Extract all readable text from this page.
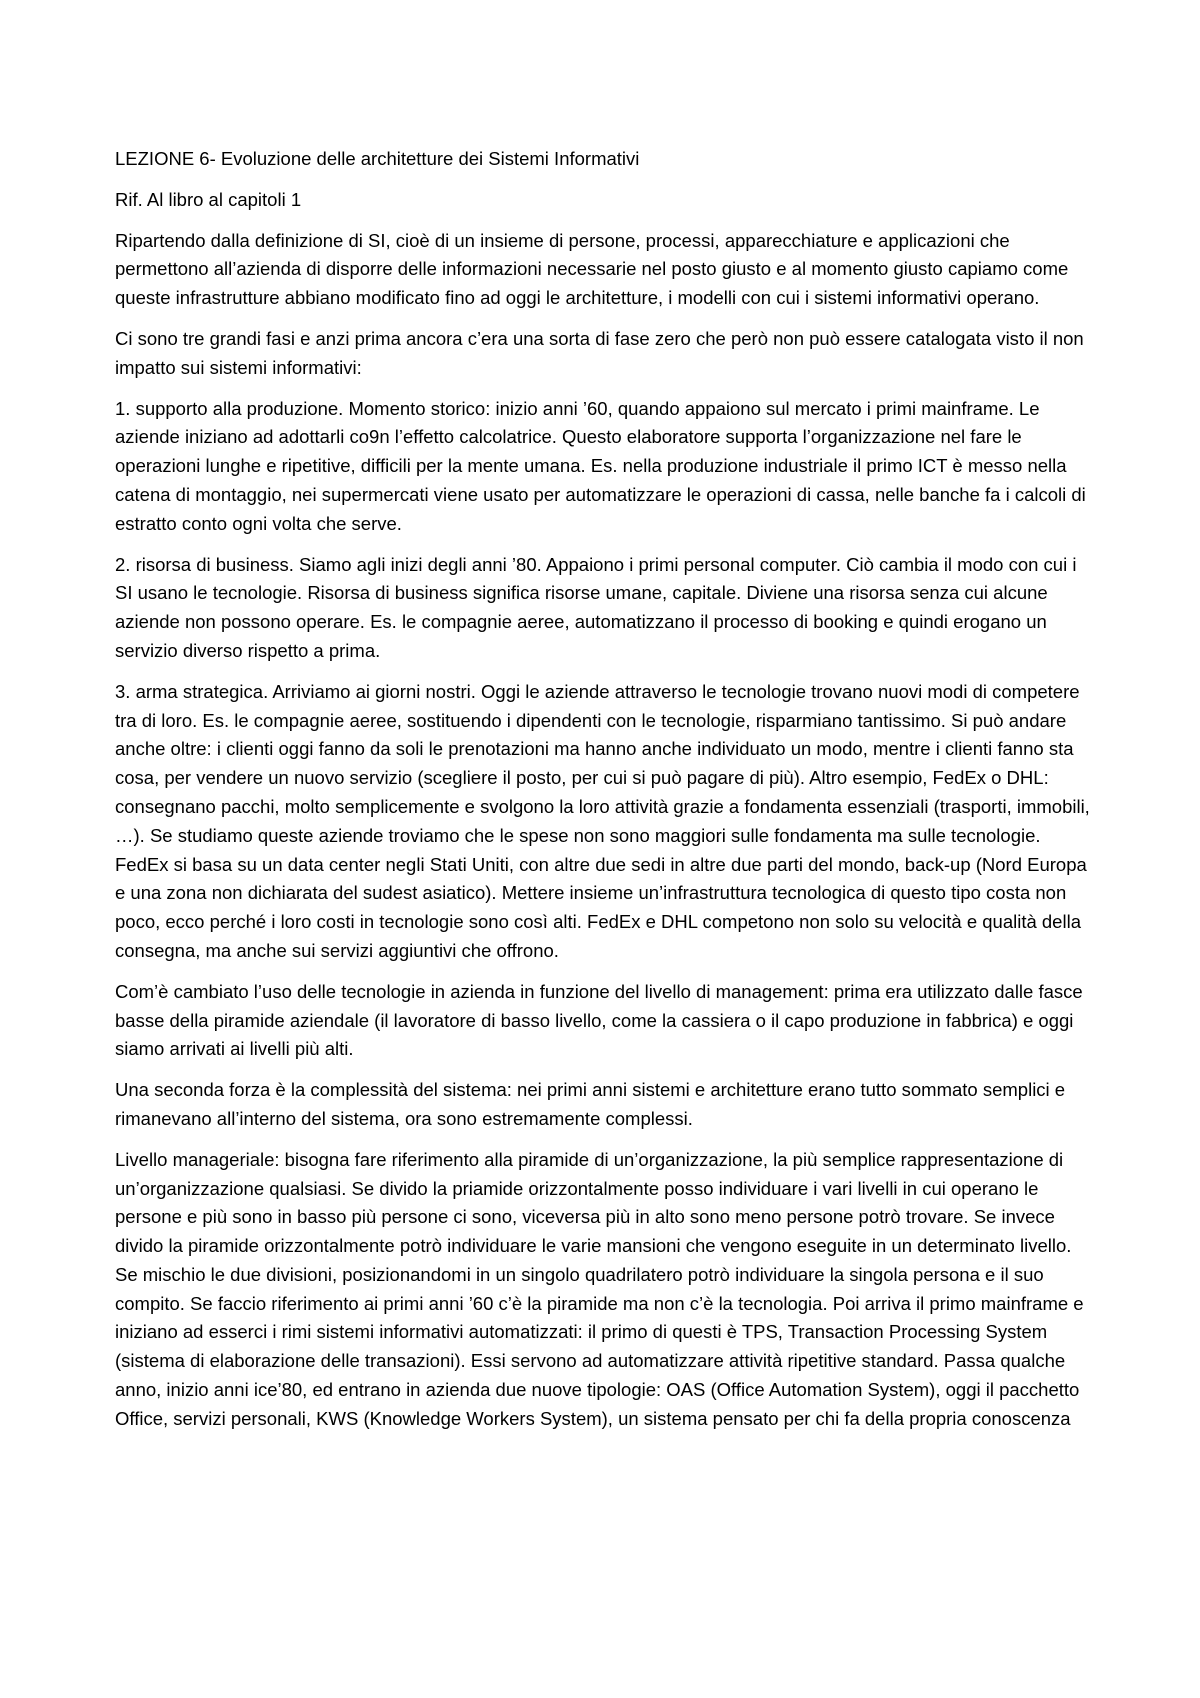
LEZIONE 6- Evoluzione delle architetture dei Sistemi Informativi

Rif. Al libro al capitoli 1

Ripartendo dalla definizione di SI, cioè di un insieme di persone, processi, apparecchiature e applicazioni che permettono all’azienda di disporre delle informazioni necessarie nel posto giusto e al momento giusto capiamo come queste infrastrutture abbiano modificato fino ad oggi le architetture, i modelli con cui i sistemi informativi operano.

Ci sono tre grandi fasi e anzi prima ancora c’era una sorta di fase zero che però non può essere catalogata visto il non impatto sui sistemi informativi:

1. supporto alla produzione. Momento storico: inizio anni ’60, quando appaiono sul mercato i primi mainframe. Le aziende iniziano ad adottarli co9n l’effetto calcolatrice. Questo elaboratore supporta l’organizzazione nel fare le operazioni lunghe e ripetitive, difficili per la mente umana. Es. nella produzione industriale il primo ICT è messo nella catena di montaggio, nei supermercati viene usato per automatizzare le operazioni di cassa, nelle banche fa i calcoli di estratto conto ogni volta che serve.

2. risorsa di business. Siamo agli inizi degli anni ’80. Appaiono i primi personal computer. Ciò cambia il modo con cui i SI usano le tecnologie. Risorsa di business significa risorse umane, capitale. Diviene una risorsa senza cui alcune aziende non possono operare. Es. le compagnie aeree, automatizzano il processo di booking e quindi erogano un servizio diverso rispetto a prima.

3. arma strategica. Arriviamo ai giorni nostri. Oggi le aziende attraverso le tecnologie trovano nuovi modi di competere tra di loro. Es. le compagnie aeree, sostituendo i dipendenti con le tecnologie, risparmiano tantissimo. Si può andare anche oltre: i clienti oggi fanno da soli le prenotazioni ma hanno anche individuato un modo, mentre i clienti fanno sta cosa, per vendere un nuovo servizio (scegliere il posto, per cui si può pagare di più). Altro esempio, FedEx o DHL: consegnano pacchi, molto semplicemente e svolgono la loro attività grazie a fondamenta essenziali (trasporti, immobili, …). Se studiamo queste aziende troviamo che le spese non sono maggiori sulle fondamenta ma sulle tecnologie. FedEx si basa su un data center negli Stati Uniti, con altre due sedi in altre due parti del mondo, back-up (Nord Europa e una zona non dichiarata del sudest asiatico). Mettere insieme un’infrastruttura tecnologica di questo tipo costa non poco, ecco perché i loro costi in tecnologie sono così alti. FedEx e DHL competono non solo su velocità e qualità della consegna, ma anche sui servizi aggiuntivi che offrono.

Com’è cambiato l’uso delle tecnologie in azienda in funzione del livello di management: prima era utilizzato dalle fasce basse della piramide aziendale (il lavoratore di basso livello, come la cassiera o il capo produzione in fabbrica) e oggi siamo arrivati ai livelli più alti.

Una seconda forza è la complessità del sistema: nei primi anni sistemi e architetture erano tutto sommato semplici e rimanevano all’interno del sistema, ora sono estremamente complessi.

Livello manageriale: bisogna fare riferimento alla piramide di un’organizzazione, la più semplice rappresentazione di un’organizzazione qualsiasi. Se divido la priamide orizzontalmente posso individuare i vari livelli in cui operano le persone e più sono in basso più persone ci sono, viceversa più in alto sono meno persone potrò trovare. Se invece divido la piramide orizzontalmente potrò individuare le varie mansioni che vengono eseguite in un determinato livello. Se mischio le due divisioni, posizionandomi in un singolo quadrilatero potrò individuare la singola persona e il suo compito. Se faccio riferimento ai primi anni ’60 c’è la piramide ma non c’è la tecnologia. Poi arriva il primo mainframe e iniziano ad esserci i rimi sistemi informativi automatizzati: il primo di questi è TPS, Transaction Processing System (sistema di elaborazione delle transazioni). Essi servono ad automatizzare attività ripetitive standard. Passa qualche anno, inizio anni ice’80, ed entrano in azienda due nuove tipologie: OAS (Office Automation System), oggi il pacchetto Office, servizi personali, KWS (Knowledge Workers System), un sistema pensato per chi fa della propria conoscenza
